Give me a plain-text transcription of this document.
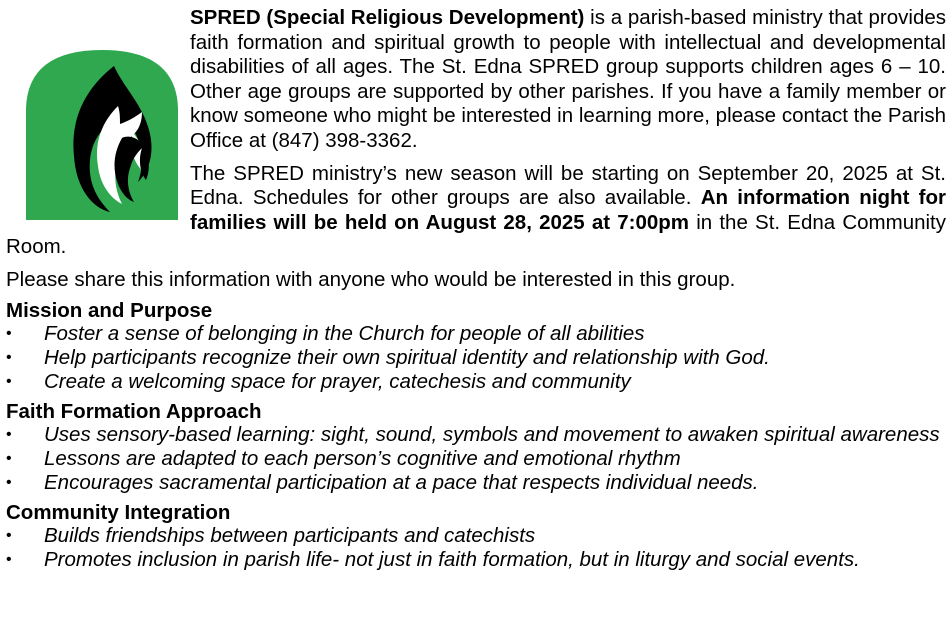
SPRED (Special Religious Development) is a parish-based ministry that provides faith formation and spiritual growth to people with intellectual and developmental disabilities of all ages. The St. Edna SPRED group supports children ages 6 – 10. Other age groups are supported by other parishes. If you have a family member or know someone who might be interested in learning more, please contact the Parish Office at (847) 398-3362.

The SPRED ministry’s new season will be starting on September 20, 2025 at St. Edna. Schedules for other groups are also available. An information night for families will be held on August 28, 2025 at 7:00pm in the St. Edna Community Room.

Please share this information with anyone who would be interested in this group.

Mission and Purpose
• Foster a sense of belonging in the Church for people of all abilities
• Help participants recognize their own spiritual identity and relationship with God.
• Create a welcoming space for prayer, catechesis and community
Faith Formation Approach
• Uses sensory-based learning: sight, sound, symbols and movement to awaken spiritual awareness
• Lessons are adapted to each person’s cognitive and emotional rhythm
• Encourages sacramental participation at a pace that respects individual needs.
Community Integration
• Builds friendships between participants and catechists
• Promotes inclusion in parish life- not just in faith formation, but in liturgy and social events.
